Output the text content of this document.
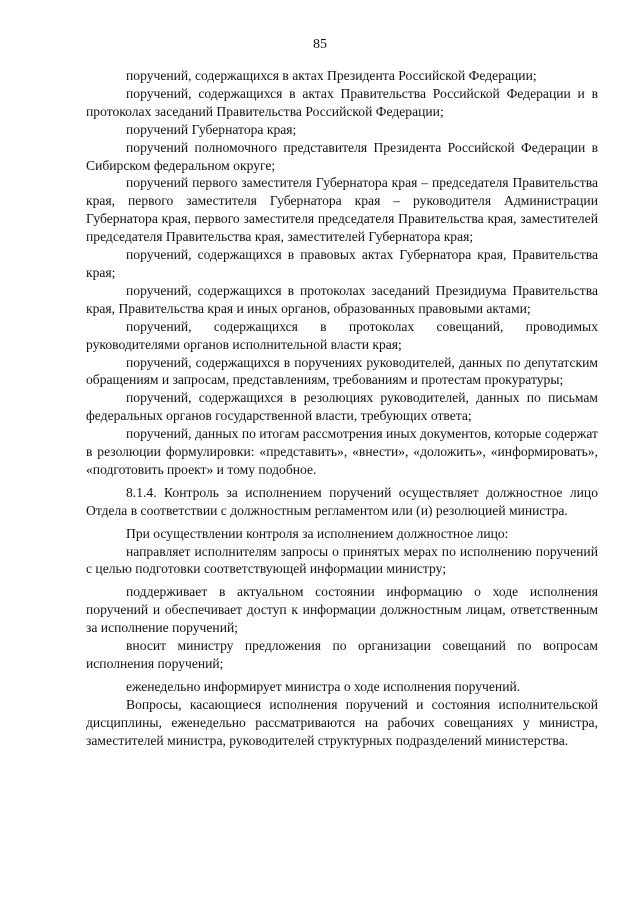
85

поручений, содержащихся в актах Президента Российской Федерации;

поручений, содержащихся в актах Правительства Российской Федерации и в протоколах заседаний Правительства Российской Федерации;

поручений Губернатора края;

поручений полномочного представителя Президента Российской Федерации в Сибирском федеральном округе;

поручений первого заместителя Губернатора края – председателя Правительства края, первого заместителя Губернатора края – руководителя Администрации Губернатора края, первого заместителя председателя Правительства края, заместителей председателя Правительства края, заместителей Губернатора края;

поручений, содержащихся в правовых актах Губернатора края, Правительства края;

поручений, содержащихся в протоколах заседаний Президиума Правительства края, Правительства края и иных органов, образованных правовыми актами;

поручений, содержащихся в протоколах совещаний, проводимых руководителями органов исполнительной власти края;

поручений, содержащихся в поручениях руководителей, данных по депутатским обращениям и запросам, представлениям, требованиям и протестам прокуратуры;

поручений, содержащихся в резолюциях руководителей, данных по письмам федеральных органов государственной власти, требующих ответа;

поручений, данных по итогам рассмотрения иных документов, которые содержат в резолюции формулировки: «представить», «внести», «доложить», «информировать», «подготовить проект» и тому подобное.

8.1.4. Контроль за исполнением поручений осуществляет должностное лицо Отдела в соответствии с должностным регламентом или (и) резолюцией министра.

При осуществлении контроля за исполнением должностное лицо:

направляет исполнителям запросы о принятых мерах по исполнению поручений с целью подготовки соответствующей информации министру;

поддерживает в актуальном состоянии информацию о ходе исполнения поручений и обеспечивает доступ к информации должностным лицам, ответственным за исполнение поручений;

вносит министру предложения по организации совещаний по вопросам исполнения поручений;

еженедельно информирует министра о ходе исполнения поручений.

Вопросы, касающиеся исполнения поручений и состояния исполнительской дисциплины, еженедельно рассматриваются на рабочих совещаниях у министра, заместителей министра, руководителей структурных подразделений министерства.
